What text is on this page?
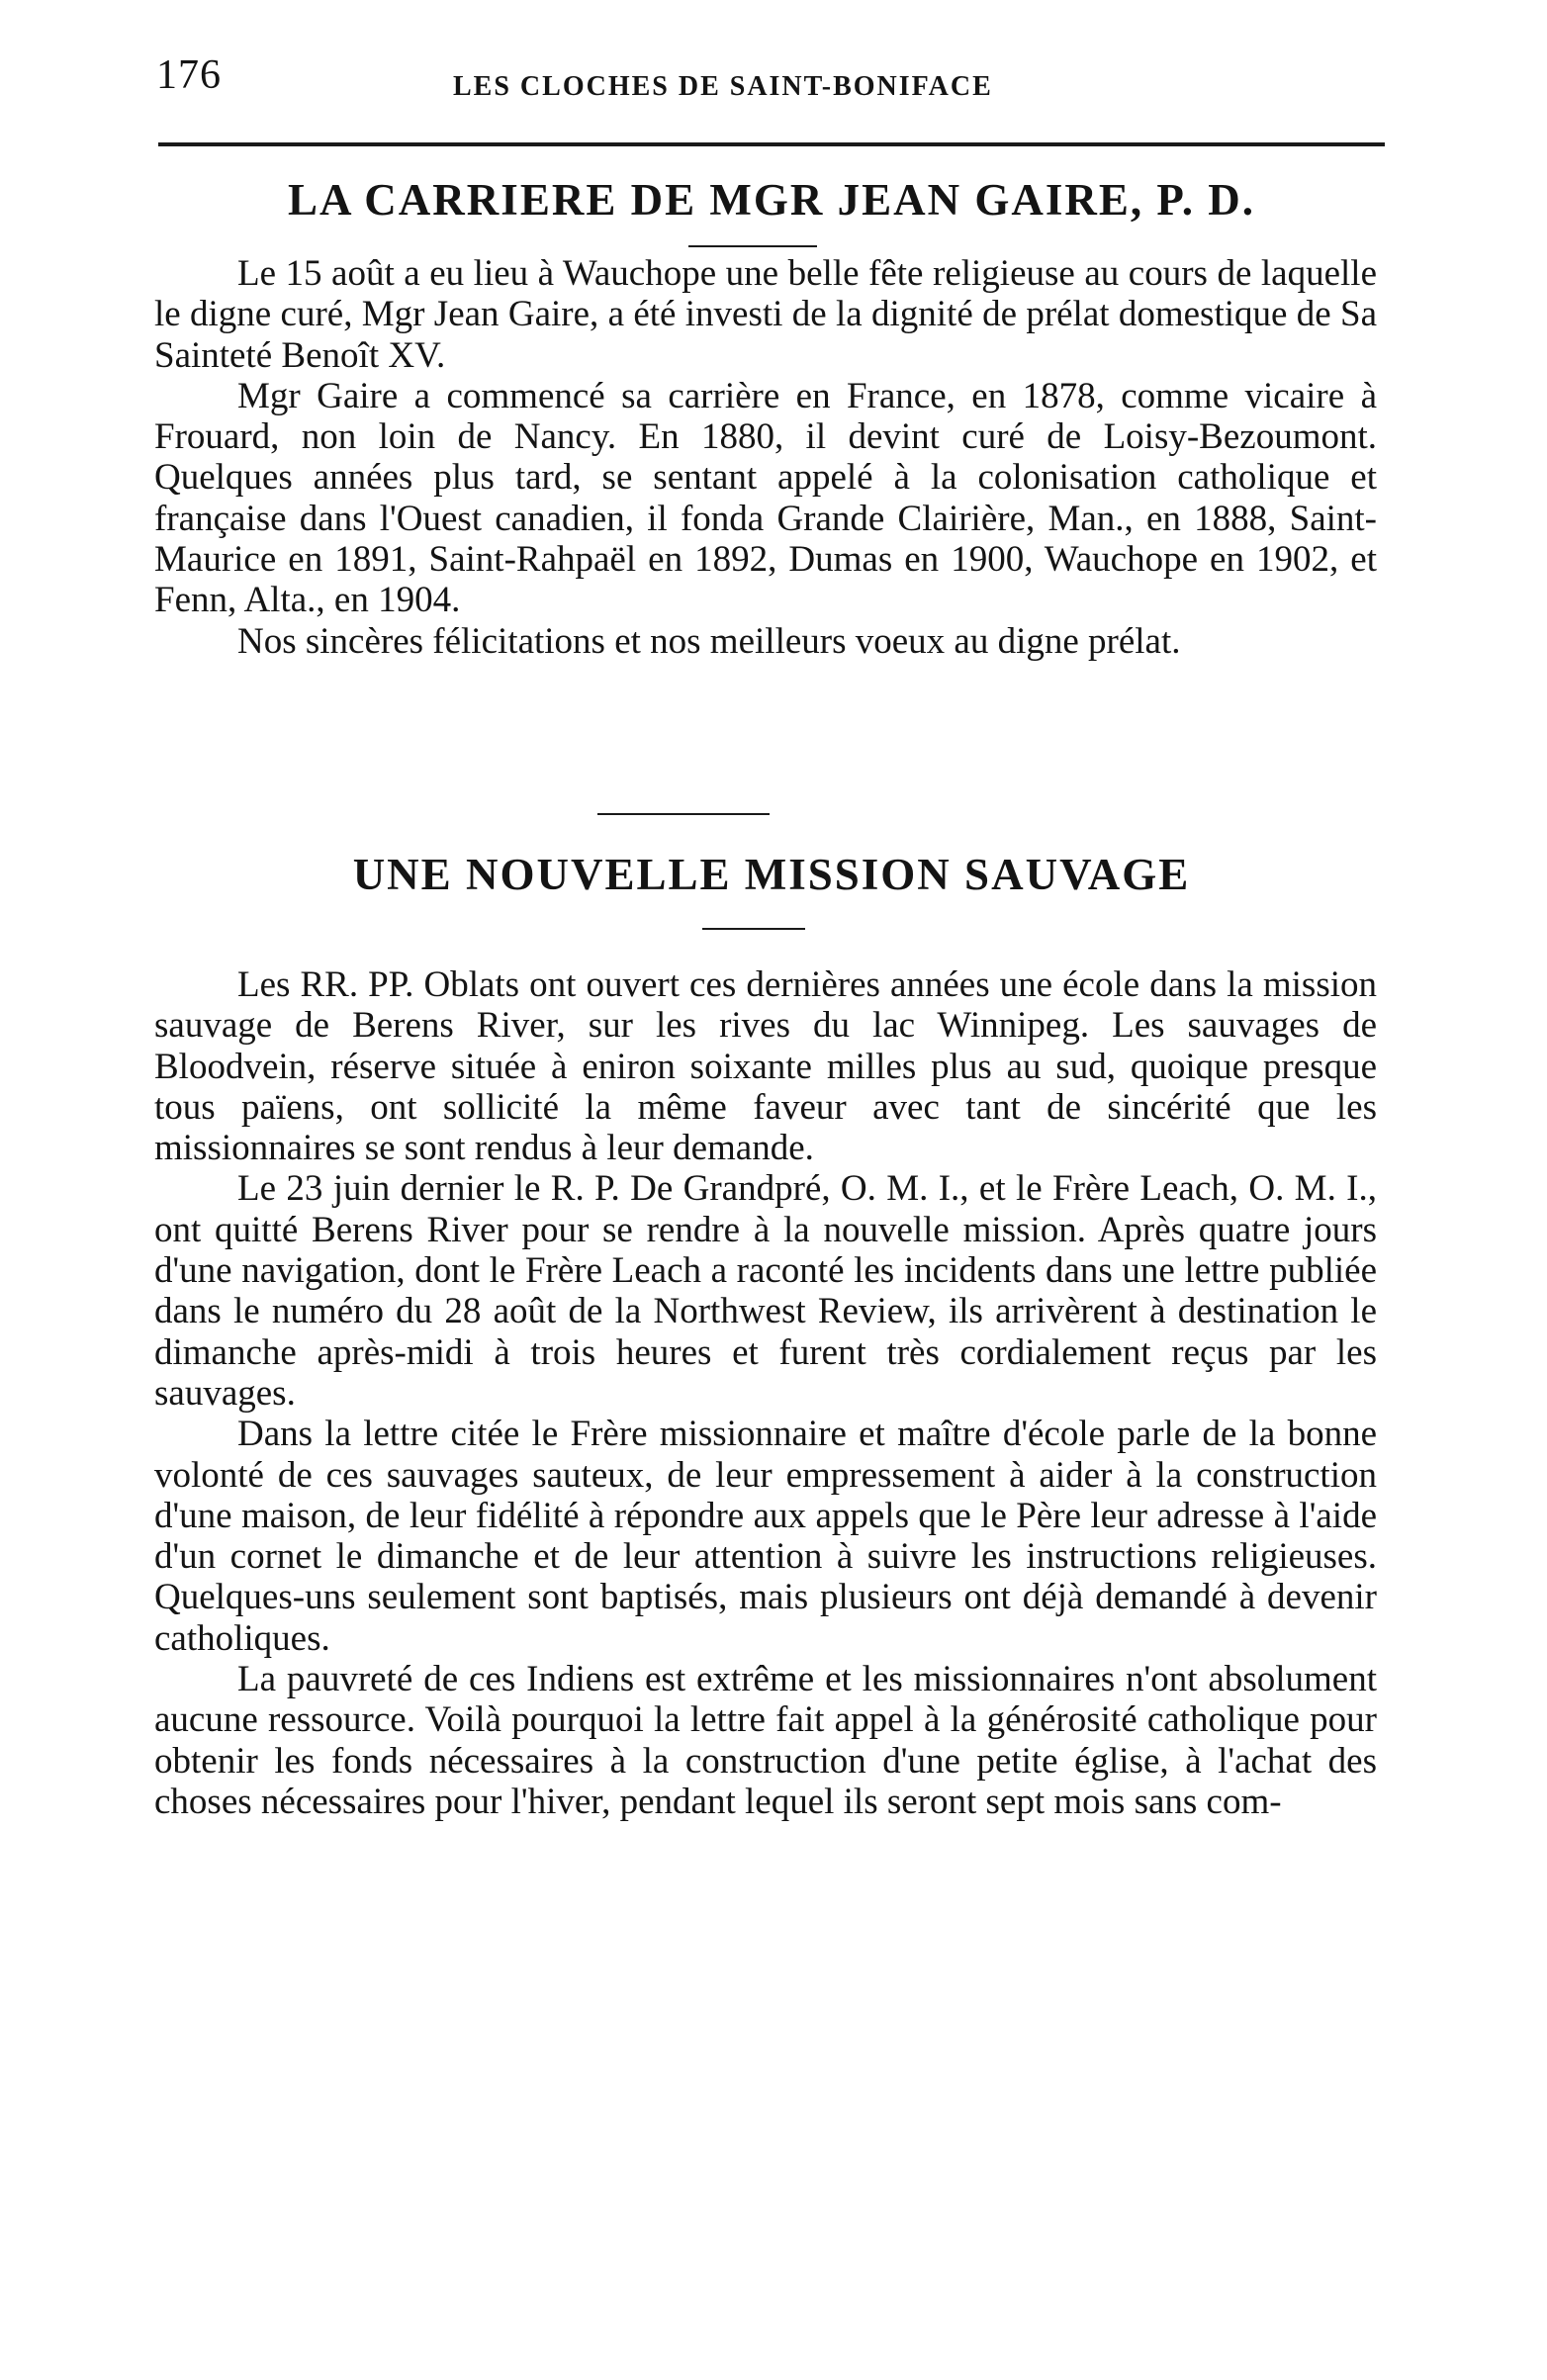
176	LES CLOCHES DE SAINT-BONIFACE
LA CARRIERE DE MGR JEAN GAIRE, P. D.

Le 15 août a eu lieu à Wauchope une belle fête religieuse au cours de laquelle le digne curé, Mgr Jean Gaire, a été investi de la dignité de prélat domestique de Sa Sainteté Benoît XV.

Mgr Gaire a commencé sa carrière en France, en 1878, comme vicaire à Frouard, non loin de Nancy. En 1880, il devint curé de Loisy-Bezoumont. Quelques années plus tard, se sentant appelé à la colonisation catholique et française dans l'Ouest canadien, il fonda Grande Clairière, Man., en 1888, Saint-Maurice en 1891, Saint-Rahpaël en 1892, Dumas en 1900, Wauchope en 1902, et Fenn, Alta., en 1904.

Nos sincères félicitations et nos meilleurs voeux au digne prélat.

UNE NOUVELLE MISSION SAUVAGE

Les RR. PP. Oblats ont ouvert ces dernières années une école dans la mission sauvage de Berens River, sur les rives du lac Winnipeg. Les sauvages de Bloodvein, réserve située à eniron soixante milles plus au sud, quoique presque tous païens, ont sollicité la même faveur avec tant de sincérité que les missionnaires se sont rendus à leur demande.

Le 23 juin dernier le R. P. De Grandpré, O. M. I., et le Frère Leach, O. M. I., ont quitté Berens River pour se rendre à la nouvelle mission. Après quatre jours d'une navigation, dont le Frère Leach a raconté les incidents dans une lettre publiée dans le numéro du 28 août de la Northwest Review, ils arrivèrent à destination le dimanche après-midi à trois heures et furent très cordialement reçus par les sauvages.

Dans la lettre citée le Frère missionnaire et maître d'école parle de la bonne volonté de ces sauvages sauteux, de leur empressement à aider à la construction d'une maison, de leur fidélité à répondre aux appels que le Père leur adresse à l'aide d'un cornet le dimanche et de leur attention à suivre les instructions religieuses. Quelques-uns seulement sont baptisés, mais plusieurs ont déjà demandé à devenir catholiques.

La pauvreté de ces Indiens est extrême et les missionnaires n'ont absolument aucune ressource. Voilà pourquoi la lettre fait appel à la générosité catholique pour obtenir les fonds nécessaires à la construction d'une petite église, à l'achat des choses nécessaires pour l'hiver, pendant lequel ils seront sept mois sans com-
